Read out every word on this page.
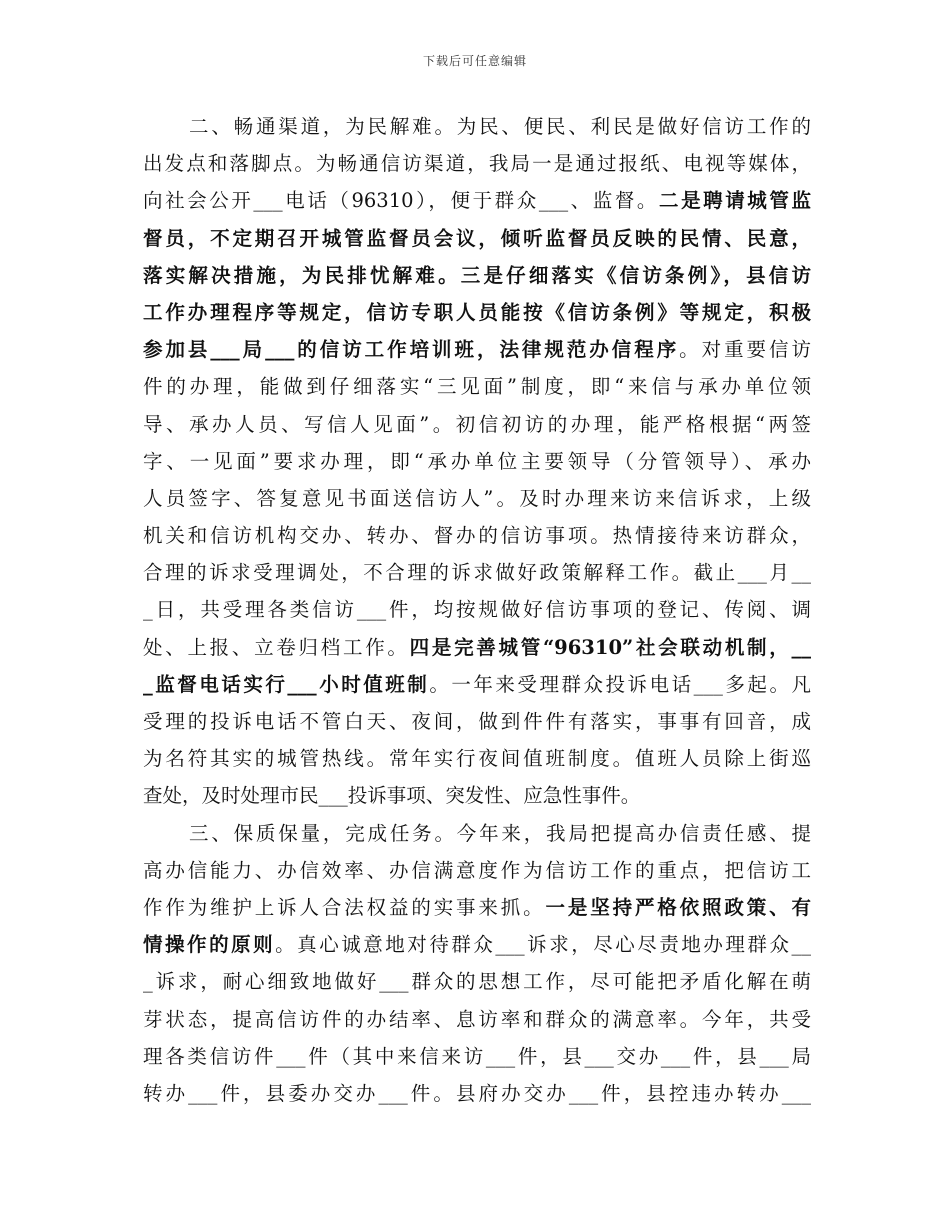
下载后可任意编辑
二、畅通渠道，为民解难。为民、便民、利民是做好信访工作的
出发点和落脚点。为畅通信访渠道，我局一是通过报纸、电视等媒体，
向社会公开___电话（96310），便于群众___、监督。二是聘请城管监
督员，不定期召开城管监督员会议，倾听监督员反映的民情、民意，
落实解决措施，为民排忧解难。三是仔细落实《信访条例》，县信访
工作办理程序等规定，信访专职人员能按《信访条例》等规定，积极
参加县___局___的信访工作培训班，法律规范办信程序。对重要信访
件的办理，能做到仔细落实“三见面”制度，即“来信与承办单位领
导、承办人员、写信人见面”。初信初访的办理，能严格根据“两签
字、一见面”要求办理，即“承办单位主要领导（分管领导）、承办
人员签字、答复意见书面送信访人”。及时办理来访来信诉求，上级
机关和信访机构交办、转办、督办的信访事项。热情接待来访群众，
合理的诉求受理调处，不合理的诉求做好政策解释工作。截止___月__
_日，共受理各类信访___件，均按规做好信访事项的登记、传阅、调
处、上报、立卷归档工作。四是完善城管“96310”社会联动机制，__
_监督电话实行___小时值班制。一年来受理群众投诉电话___多起。凡
受理的投诉电话不管白天、夜间，做到件件有落实，事事有回音，成
为名符其实的城管热线。常年实行夜间值班制度。值班人员除上街巡
查处，及时处理市民___投诉事项、突发性、应急性事件。
三、保质保量，完成任务。今年来，我局把提高办信责任感、提
高办信能力、办信效率、办信满意度作为信访工作的重点，把信访工
作作为维护上诉人合法权益的实事来抓。一是坚持严格依照政策、有
情操作的原则。真心诚意地对待群众___诉求，尽心尽责地办理群众__
_诉求，耐心细致地做好___群众的思想工作，尽可能把矛盾化解在萌
芽状态，提高信访件的办结率、息访率和群众的满意率。今年，共受
理各类信访件___件（其中来信来访___件，县___交办___件，县___局
转办___件，县委办交办___件。县府办交办___件，县控违办转办___
